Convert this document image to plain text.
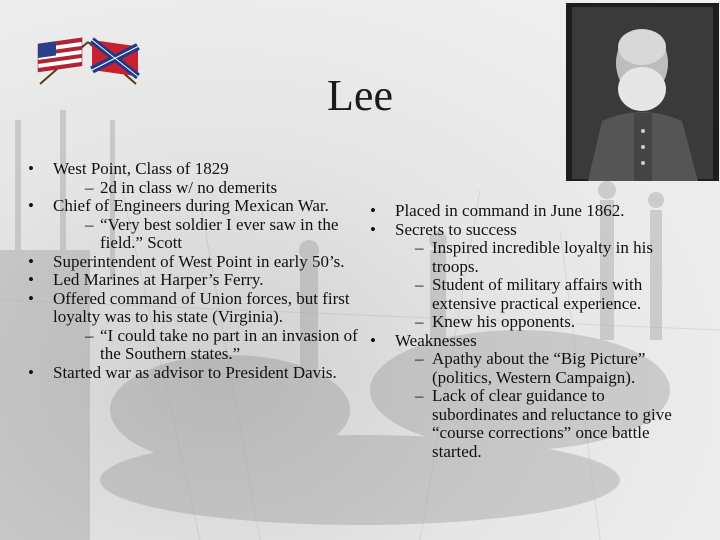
Lee
• West Point, Class of 1829
– 2d in class w/ no demerits
• Chief of Engineers during Mexican War.
– “Very best soldier I ever saw in the field.” Scott
• Superintendent of West Point in early 50’s.
• Led Marines at Harper’s Ferry.
• Offered command of Union forces, but first loyalty was to his state (Virginia).
– “I could take no part in an invasion of the Southern states.”
• Started war as advisor to President Davis.
• Placed in command in June 1862.
• Secrets to success
– Inspired incredible loyalty in his troops.
– Student of military affairs with extensive practical experience.
– Knew his opponents.
• Weaknesses
– Apathy about the “Big Picture” (politics, Western Campaign).
– Lack of clear guidance to subordinates and reluctance to give “course corrections” once battle started.
